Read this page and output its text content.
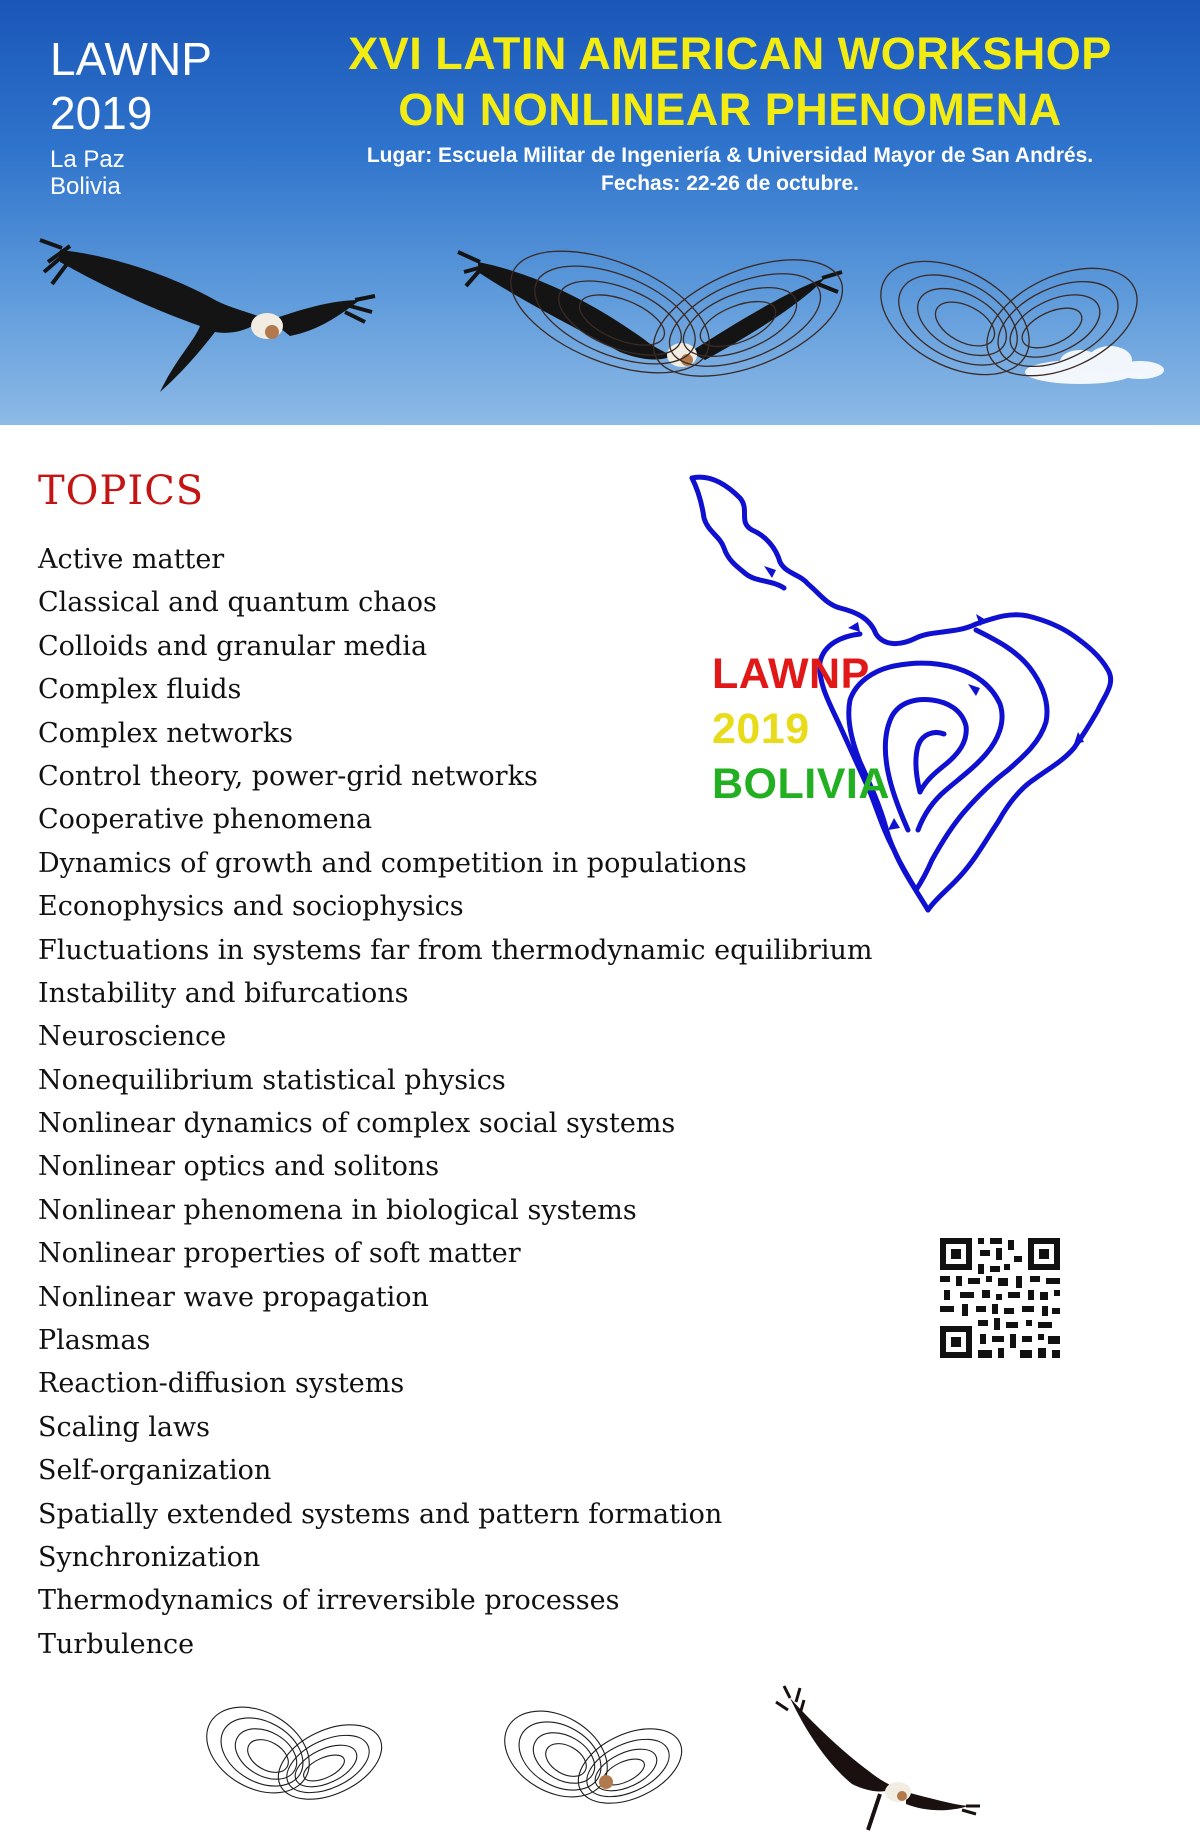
LAWNP
2019
La Paz
Bolivia
XVI LATIN AMERICAN WORKSHOP
ON NONLINEAR PHENOMENA
Lugar: Escuela Militar de Ingeniería & Universidad Mayor de San Andrés.
Fechas: 22-26 de octubre.
TOPICS
Active matter
Classical and quantum chaos
Colloids and granular media
Complex fluids
Complex networks
Control theory, power-grid networks
Cooperative phenomena
Dynamics of growth and competition in populations
Econophysics and sociophysics
Fluctuations in systems far from thermodynamic equilibrium
Instability and bifurcations
Neuroscience
Nonequilibrium statistical physics
Nonlinear dynamics of complex social systems
Nonlinear optics and solitons
Nonlinear phenomena in biological systems
Nonlinear properties of soft matter
Nonlinear wave propagation
Plasmas
Reaction-diffusion systems
Scaling laws
Self-organization
Spatially extended systems and pattern formation
Synchronization
Thermodynamics of irreversible processes
Turbulence
LAWNP
2019
BOLIVIA
